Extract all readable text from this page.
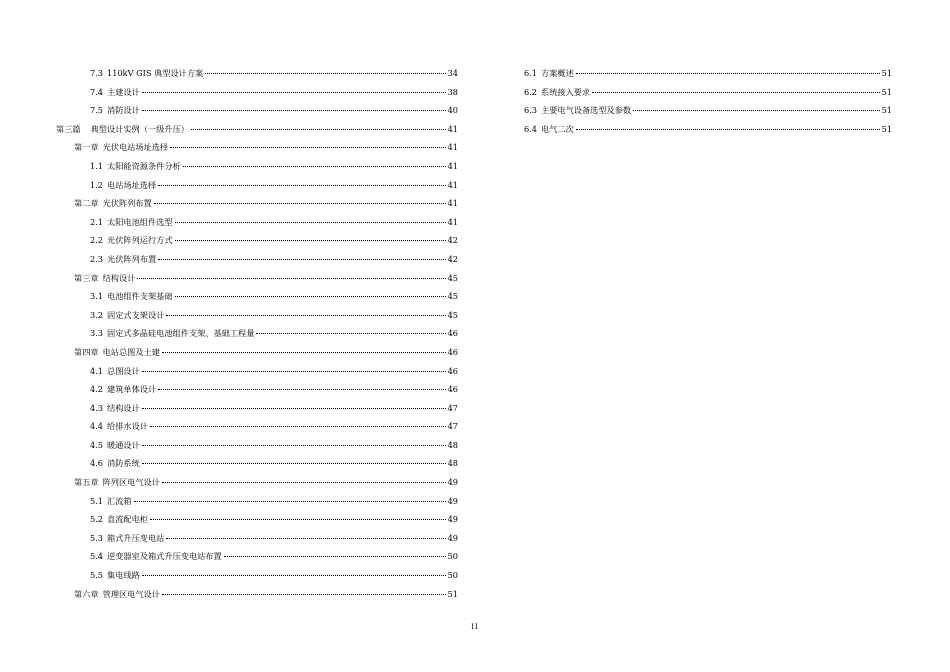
7.3 110kV GIS 典型设计方案	34
7.4 主建设计	38
7.5 消防设计	40
第三篇 典型设计实例（一级升压）	41
第一章 光伏电站场址选择	41
1.1 太阳能资源条件分析	41
1.2 电站场址选择	41
第二章 光伏阵列布置	41
2.1 太阳电池组件选型	41
2.2 光伏阵列运行方式	42
2.3 光伏阵列布置	42
第三章 结构设计	45
3.1 电池组件支架基础	45
3.2 固定式支架设计	45
3.3 固定式多晶硅电池组件支架、基础工程量	46
第四章 电站总图及土建	46
4.1 总图设计	46
4.2 建筑单体设计	46
4.3 结构设计	47
4.4 给排水设计	47
4.5 暖通设计	48
4.6 消防系统	48
第五章 阵列区电气设计	49
5.1 汇流箱	49
5.2 直流配电柜	49
5.3 箱式升压变电站	49
5.4 逆变器室及箱式升压变电站布置	50
5.5 集电线路	50
第六章 管理区电气设计	51
6.1 方案概述	51
6.2 系统接入要求	51
6.3 主要电气设备选型及参数	51
6.4 电气二次	51
II
